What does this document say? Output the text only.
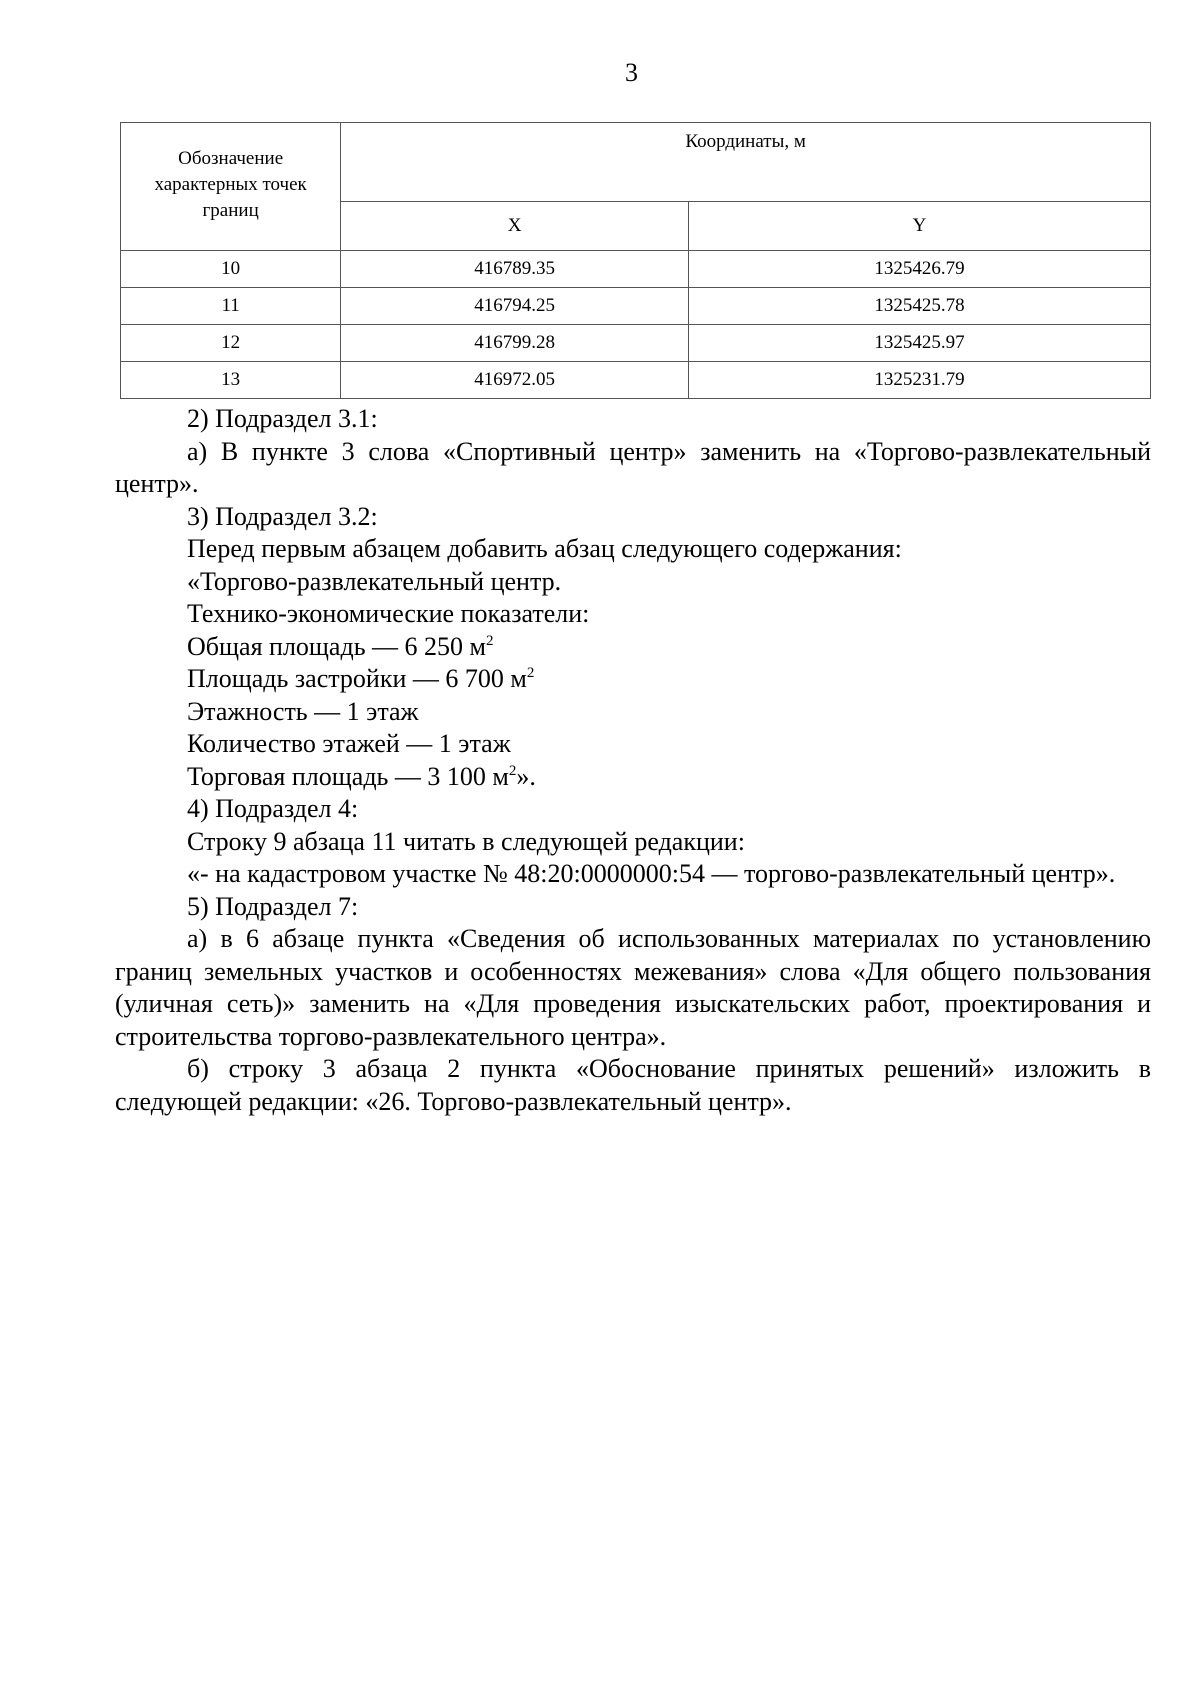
3
Обозначение характерных точек границ	Координаты, м	
	X	Y
10	416789.35	1325426.79
11	416794.25	1325425.78
12	416799.28	1325425.97
13	416972.05	1325231.79

2) Подраздел 3.1:

а) В пункте 3 слова «Спортивный центр» заменить на «Торгово-развлекательный центр».

3) Подраздел 3.2:

Перед первым абзацем добавить абзац следующего содержания:

«Торгово-развлекательный центр.

Технико-экономические показатели:

Общая площадь — 6 250 $м^2$

Площадь застройки — 6 700 $м^2$

Этажность — 1 этаж

Количество этажей — 1 этаж

Торговая площадь — 3 100 $м^2$».

4) Подраздел 4:

Строку 9 абзаца 11 читать в следующей редакции:

«- на кадастровом участке № 48:20:0000000:54 — торгово-развлекательный центр».

5) Подраздел 7:

а) в 6 абзаце пункта «Сведения об использованных материалах по установлению границ земельных участков и особенностях межевания» слова «Для общего пользования (уличная сеть)» заменить на «Для проведения изыскательских работ, проектирования и строительства торгово-развлекательного центра».

б) строку 3 абзаца 2 пункта «Обоснование принятых решений» изложить в следующей редакции: «26. Торгово-развлекательный центр».
